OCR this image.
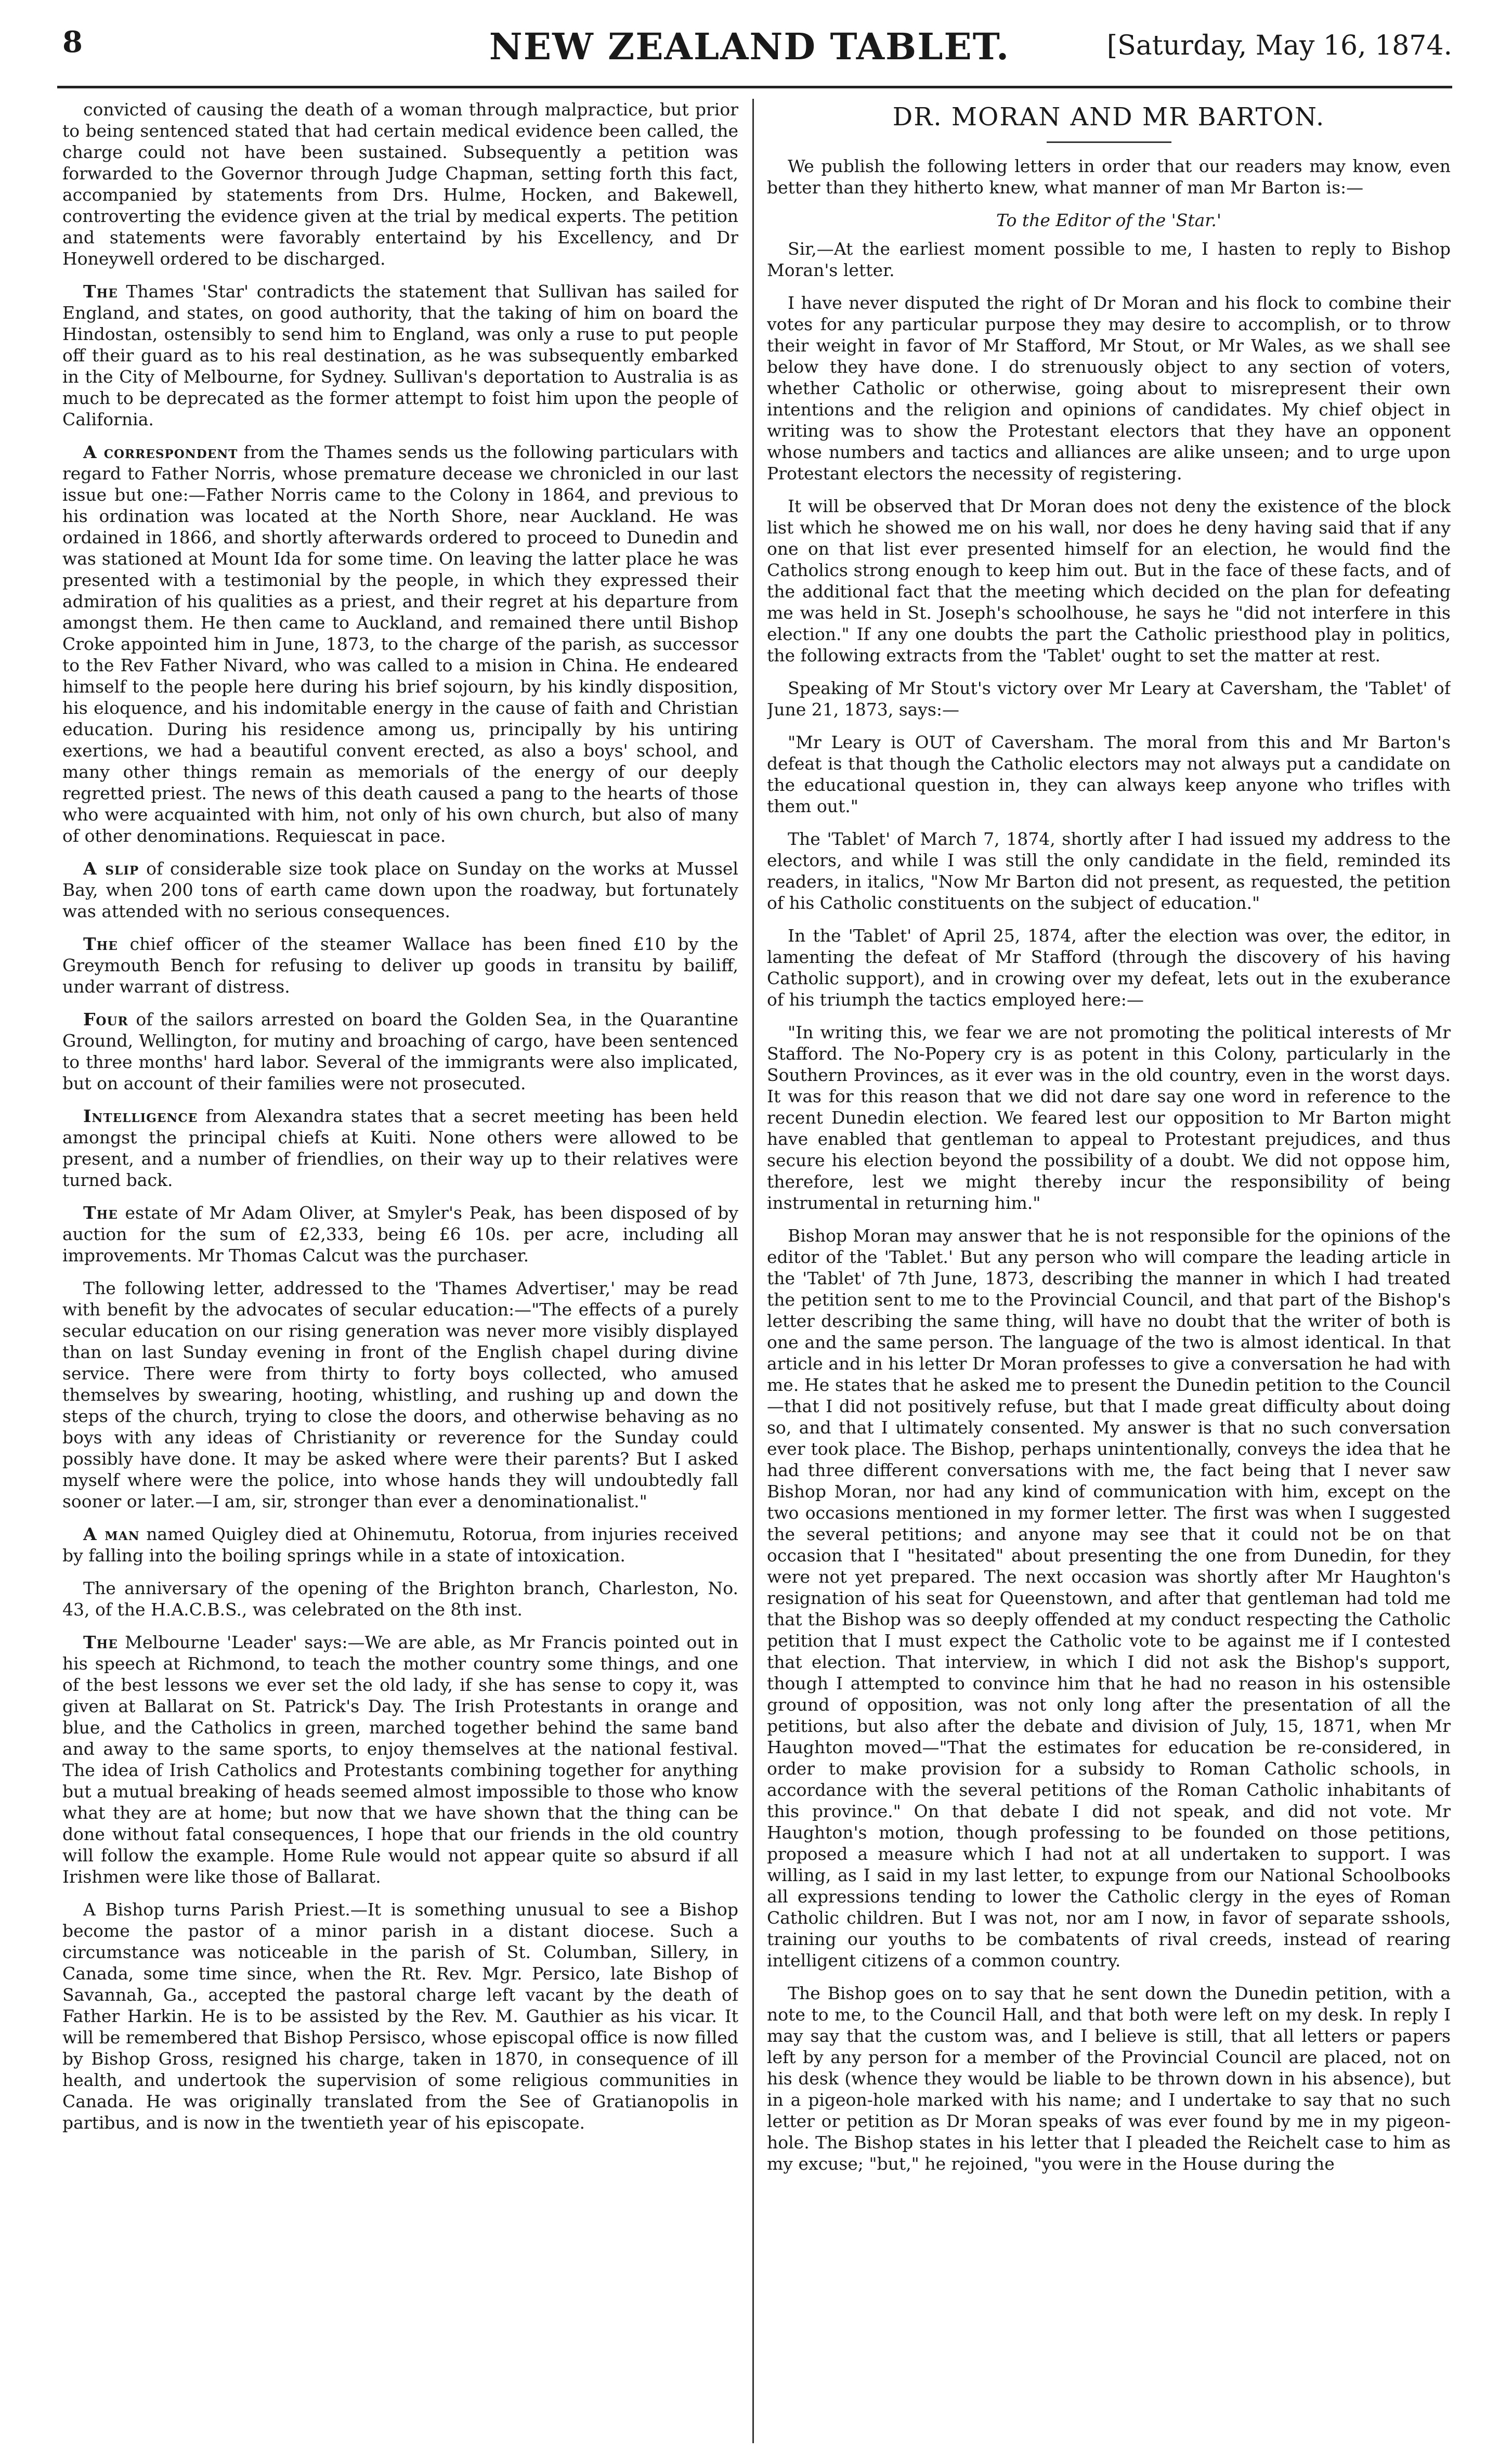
8	NEW ZEALAND TABLET.	[Saturday, May 16, 1874.

convicted of causing the death of a woman through malpractice, but prior to being sentenced stated that had certain medical evidence been called, the charge could not have been sustained. Subsequently a petition was forwarded to the Governor through Judge Chapman, setting forth this fact, accompanied by statements from Drs. Hulme, Hocken, and Bakewell, controverting the evidence given at the trial by medical experts. The petition and statements were favorably entertaind by his Excellency, and Dr Honeywell ordered to be discharged.

The Thames 'Star' contradicts the statement that Sullivan has sailed for England, and states, on good authority, that the taking of him on board the Hindostan, ostensibly to send him to England, was only a ruse to put people off their guard as to his real destination, as he was subsequently embarked in the City of Melbourne, for Sydney. Sullivan's deportation to Australia is as much to be deprecated as the former attempt to foist him upon the people of California.

A correspondent from the Thames sends us the following particulars with regard to Father Norris, whose premature decease we chronicled in our last issue but one:—Father Norris came to the Colony in 1864, and previous to his ordination was located at the North Shore, near Auckland. He was ordained in 1866, and shortly afterwards ordered to proceed to Dunedin and was stationed at Mount Ida for some time. On leaving the latter place he was presented with a testimonial by the people, in which they expressed their admiration of his qualities as a priest, and their regret at his departure from amongst them. He then came to Auckland, and remained there until Bishop Croke appointed him in June, 1873, to the charge of the parish, as successor to the Rev Father Nivard, who was called to a mision in China. He endeared himself to the people here during his brief sojourn, by his kindly disposition, his eloquence, and his indomitable energy in the cause of faith and Christian education. During his residence among us, principally by his untiring exertions, we had a beautiful convent erected, as also a boys' school, and many other things remain as memorials of the energy of our deeply regretted priest. The news of this death caused a pang to the hearts of those who were acquainted with him, not only of his own church, but also of many of other denominations. Requiescat in pace.

A slip of considerable size took place on Sunday on the works at Mussel Bay, when 200 tons of earth came down upon the roadway, but fortunately was attended with no serious consequences.

The chief officer of the steamer Wallace has been fined £10 by the Greymouth Bench for refusing to deliver up goods in transitu by bailiff, under warrant of distress.

Four of the sailors arrested on board the Golden Sea, in the Quarantine Ground, Wellington, for mutiny and broaching of cargo, have been sentenced to three months' hard labor. Several of the immigrants were also implicated, but on account of their families were not prosecuted.

Intelligence from Alexandra states that a secret meeting has been held amongst the principal chiefs at Kuiti. None others were allowed to be present, and a number of friendlies, on their way up to their relatives were turned back.

The estate of Mr Adam Oliver, at Smyler's Peak, has been disposed of by auction for the sum of £2,333, being £6 10s. per acre, including all improvements. Mr Thomas Calcut was the purchaser.

The following letter, addressed to the 'Thames Advertiser,' may be read with benefit by the advocates of secular education:—"The effects of a purely secular education on our rising generation was never more visibly displayed than on last Sunday evening in front of the English chapel during divine service. There were from thirty to forty boys collected, who amused themselves by swearing, hooting, whistling, and rushing up and down the steps of the church, trying to close the doors, and otherwise behaving as no boys with any ideas of Christianity or reverence for the Sunday could possibly have done. It may be asked where were their parents? But I asked myself where were the police, into whose hands they will undoubtedly fall sooner or later.—I am, sir, stronger than ever a denominationalist."

A man named Quigley died at Ohinemutu, Rotorua, from injuries received by falling into the boiling springs while in a state of intoxication.

The anniversary of the opening of the Brighton branch, Charleston, No. 43, of the H.A.C.B.S., was celebrated on the 8th inst.

The Melbourne 'Leader' says:—We are able, as Mr Francis pointed out in his speech at Richmond, to teach the mother country some things, and one of the best lessons we ever set the old lady, if she has sense to copy it, was given at Ballarat on St. Patrick's Day. The Irish Protestants in orange and blue, and the Catholics in green, marched together behind the same band and away to the same sports, to enjoy themselves at the national festival. The idea of Irish Catholics and Protestants combining together for anything but a mutual breaking of heads seemed almost impossible to those who know what they are at home; but now that we have shown that the thing can be done without fatal consequences, I hope that our friends in the old country will follow the example. Home Rule would not appear quite so absurd if all Irishmen were like those of Ballarat.

A Bishop turns Parish Priest.—It is something unusual to see a Bishop become the pastor of a minor parish in a distant diocese. Such a circumstance was noticeable in the parish of St. Columban, Sillery, in Canada, some time since, when the Rt. Rev. Mgr. Persico, late Bishop of Savannah, Ga., accepted the pastoral charge left vacant by the death of Father Harkin. He is to be assisted by the Rev. M. Gauthier as his vicar. It will be remembered that Bishop Persisco, whose episcopal office is now filled by Bishop Gross, resigned his charge, taken in 1870, in consequence of ill health, and undertook the supervision of some religious communities in Canada. He was originally translated from the See of Gratianopolis in partibus, and is now in the twentieth year of his episcopate.

DR. MORAN AND MR BARTON.

We publish the following letters in order that our readers may know, even better than they hitherto knew, what manner of man Mr Barton is:—

To the Editor of the 'Star.'

Sir,—At the earliest moment possible to me, I hasten to reply to Bishop Moran's letter.

I have never disputed the right of Dr Moran and his flock to combine their votes for any particular purpose they may desire to accomplish, or to throw their weight in favor of Mr Stafford, Mr Stout, or Mr Wales, as we shall see below they have done. I do strenuously object to any section of voters, whether Catholic or otherwise, going about to misrepresent their own intentions and the religion and opinions of candidates. My chief object in writing was to show the Protestant electors that they have an opponent whose numbers and tactics and alliances are alike unseen; and to urge upon Protestant electors the necessity of registering.

It will be observed that Dr Moran does not deny the existence of the block list which he showed me on his wall, nor does he deny having said that if any one on that list ever presented himself for an election, he would find the Catholics strong enough to keep him out. But in the face of these facts, and of the additional fact that the meeting which decided on the plan for defeating me was held in St. Joseph's schoolhouse, he says he "did not interfere in this election." If any one doubts the part the Catholic priesthood play in politics, the following extracts from the 'Tablet' ought to set the matter at rest.

Speaking of Mr Stout's victory over Mr Leary at Caversham, the 'Tablet' of June 21, 1873, says:—

"Mr Leary is OUT of Caversham. The moral from this and Mr Barton's defeat is that though the Catholic electors may not always put a candidate on the educational question in, they can always keep anyone who trifles with them out."

The 'Tablet' of March 7, 1874, shortly after I had issued my address to the electors, and while I was still the only candidate in the field, reminded its readers, in italics, "Now Mr Barton did not present, as requested, the petition of his Catholic constituents on the subject of education."

In the 'Tablet' of April 25, 1874, after the election was over, the editor, in lamenting the defeat of Mr Stafford (through the discovery of his having Catholic support), and in crowing over my defeat, lets out in the exuberance of his triumph the tactics employed here:—

"In writing this, we fear we are not promoting the political interests of Mr Stafford. The No-Popery cry is as potent in this Colony, particularly in the Southern Provinces, as it ever was in the old country, even in the worst days. It was for this reason that we did not dare say one word in reference to the recent Dunedin election. We feared lest our opposition to Mr Barton might have enabled that gentleman to appeal to Protestant prejudices, and thus secure his election beyond the possibility of a doubt. We did not oppose him, therefore, lest we might thereby incur the responsibility of being instrumental in returning him."

Bishop Moran may answer that he is not responsible for the opinions of the editor of the 'Tablet.' But any person who will compare the leading article in the 'Tablet' of 7th June, 1873, describing the manner in which I had treated the petition sent to me to the Provincial Council, and that part of the Bishop's letter describing the same thing, will have no doubt that the writer of both is one and the same person. The language of the two is almost identical. In that article and in his letter Dr Moran professes to give a conversation he had with me. He states that he asked me to present the Dunedin petition to the Council—that I did not positively refuse, but that I made great difficulty about doing so, and that I ultimately consented. My answer is that no such conversation ever took place. The Bishop, perhaps unintentionally, conveys the idea that he had three different conversations with me, the fact being that I never saw Bishop Moran, nor had any kind of communication with him, except on the two occasions mentioned in my former letter. The first was when I suggested the several petitions; and anyone may see that it could not be on that occasion that I "hesitated" about presenting the one from Dunedin, for they were not yet prepared. The next occasion was shortly after Mr Haughton's resignation of his seat for Queenstown, and after that gentleman had told me that the Bishop was so deeply offended at my conduct respecting the Catholic petition that I must expect the Catholic vote to be against me if I contested that election. That interview, in which I did not ask the Bishop's support, though I attempted to convince him that he had no reason in his ostensible ground of opposition, was not only long after the presentation of all the petitions, but also after the debate and division of July, 15, 1871, when Mr Haughton moved—"That the estimates for education be re-considered, in order to make provision for a subsidy to Roman Catholic schools, in accordance with the several petitions of the Roman Catholic inhabitants of this province." On that debate I did not speak, and did not vote. Mr Haughton's motion, though professing to be founded on those petitions, proposed a measure which I had not at all undertaken to support. I was willing, as I said in my last letter, to expunge from our National Schoolbooks all expressions tending to lower the Catholic clergy in the eyes of Roman Catholic children. But I was not, nor am I now, in favor of separate sshools, training our youths to be combatents of rival creeds, instead of rearing intelligent citizens of a common country.

The Bishop goes on to say that he sent down the Dunedin petition, with a note to me, to the Council Hall, and that both were left on my desk. In reply I may say that the custom was, and I believe is still, that all letters or papers left by any person for a member of the Provincial Council are placed, not on his desk (whence they would be liable to be thrown down in his absence), but in a pigeon-hole marked with his name; and I undertake to say that no such letter or petition as Dr Moran speaks of was ever found by me in my pigeon-hole. The Bishop states in his letter that I pleaded the Reichelt case to him as my excuse; "but," he rejoined, "you were in the House during the
